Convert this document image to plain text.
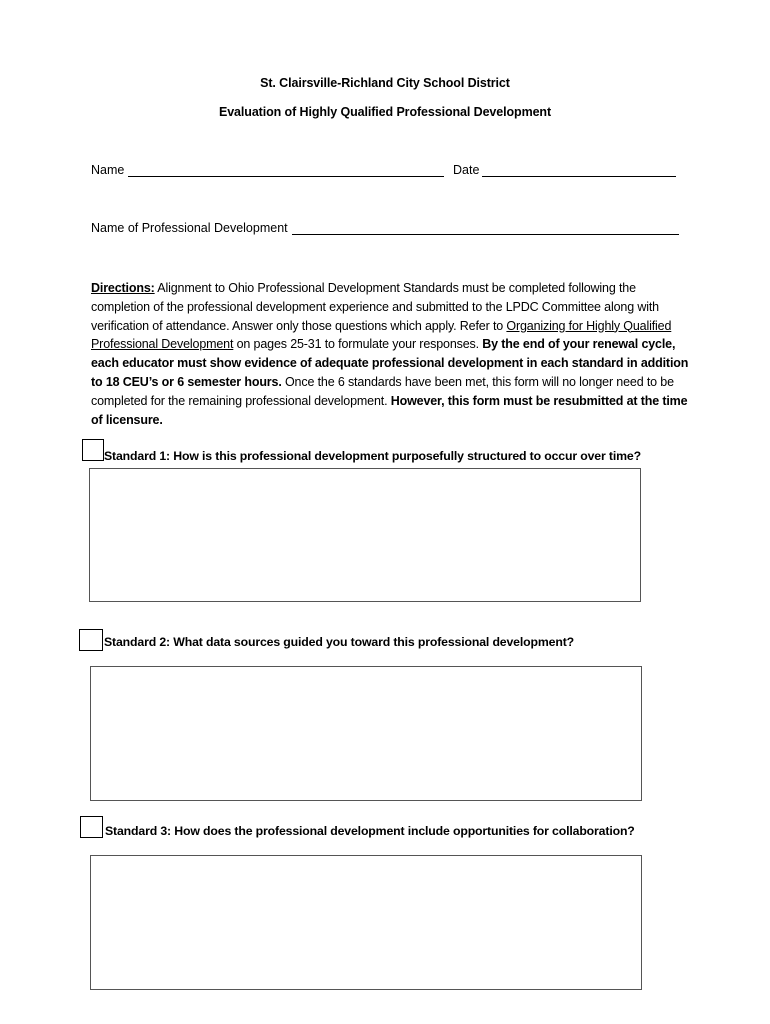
St. Clairsville-Richland City School District
Evaluation of Highly Qualified Professional Development
Name	Date
Name of Professional Development
Directions: Alignment to Ohio Professional Development Standards must be completed following the completion of the professional development experience and submitted to the LPDC Committee along with verification of attendance. Answer only those questions which apply. Refer to Organizing for Highly Qualified Professional Development on pages 25-31 to formulate your responses. By the end of your renewal cycle, each educator must show evidence of adequate professional development in each standard in addition to 18 CEU’s or 6 semester hours. Once the 6 standards have been met, this form will no longer need to be completed for the remaining professional development. However, this form must be resubmitted at the time of licensure.
Standard 1: How is this professional development purposefully structured to occur over time?
Standard 2: What data sources guided you toward this professional development?
Standard 3: How does the professional development include opportunities for collaboration?
